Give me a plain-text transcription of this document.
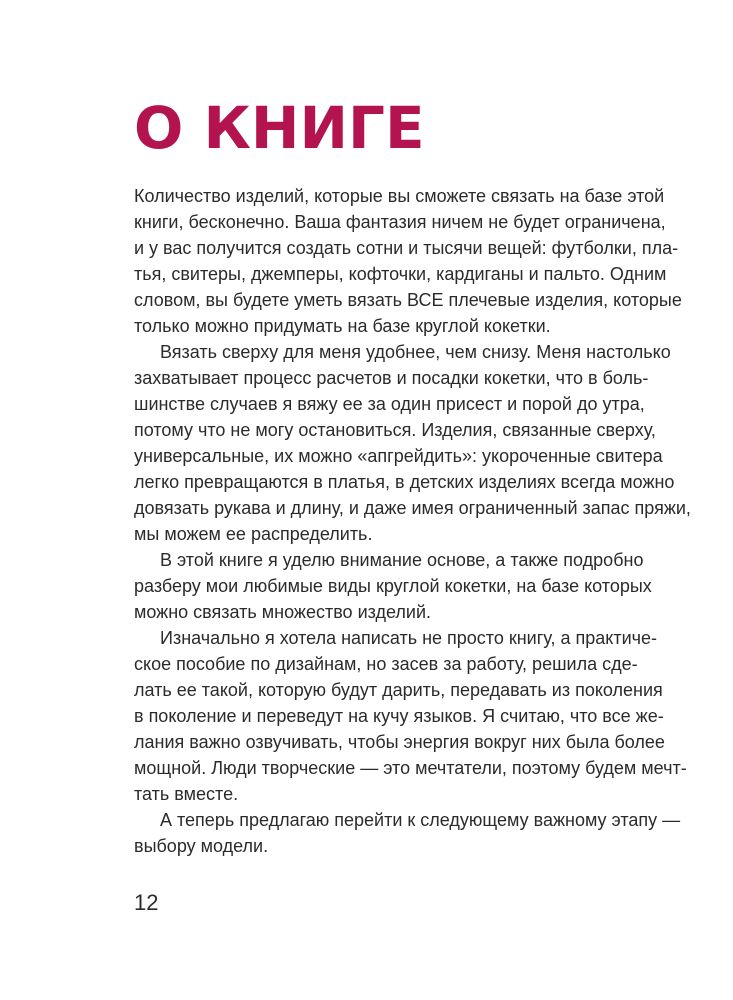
О КНИГЕ

Количество изделий, которые вы сможете связать на базе этой
книги, бесконечно. Ваша фантазия ничем не будет ограничена,
и у вас получится создать сотни и тысячи вещей: футболки, пла-
тья, свитеры, джемперы, кофточки, кардиганы и пальто. Одним
словом, вы будете уметь вязать ВСЕ плечевые изделия, которые
только можно придумать на базе круглой кокетки.

Вязать сверху для меня удобнее, чем снизу. Меня настолько
захватывает процесс расчетов и посадки кокетки, что в боль-
шинстве случаев я вяжу ее за один присест и порой до утра,
потому что не могу остановиться. Изделия, связанные сверху,
универсальные, их можно «апгрейдить»: укороченные свитера
легко превращаются в платья, в детских изделиях всегда можно
довязать рукава и длину, и даже имея ограниченный запас пряжи,
мы можем ее распределить.

В этой книге я уделю внимание основе, а также подробно
разберу мои любимые виды круглой кокетки, на базе которых
можно связать множество изделий.

Изначально я хотела написать не просто книгу, а практиче-
ское пособие по дизайнам, но засев за работу, решила сде-
лать ее такой, которую будут дарить, передавать из поколения
в поколение и переведут на кучу языков. Я считаю, что все же-
лания важно озвучивать, чтобы энергия вокруг них была более
мощной. Люди творческие — это мечтатели, поэтому будем мечт-
тать вместе.

А теперь предлагаю перейти к следующему важному этапу —
выбору модели.

12
